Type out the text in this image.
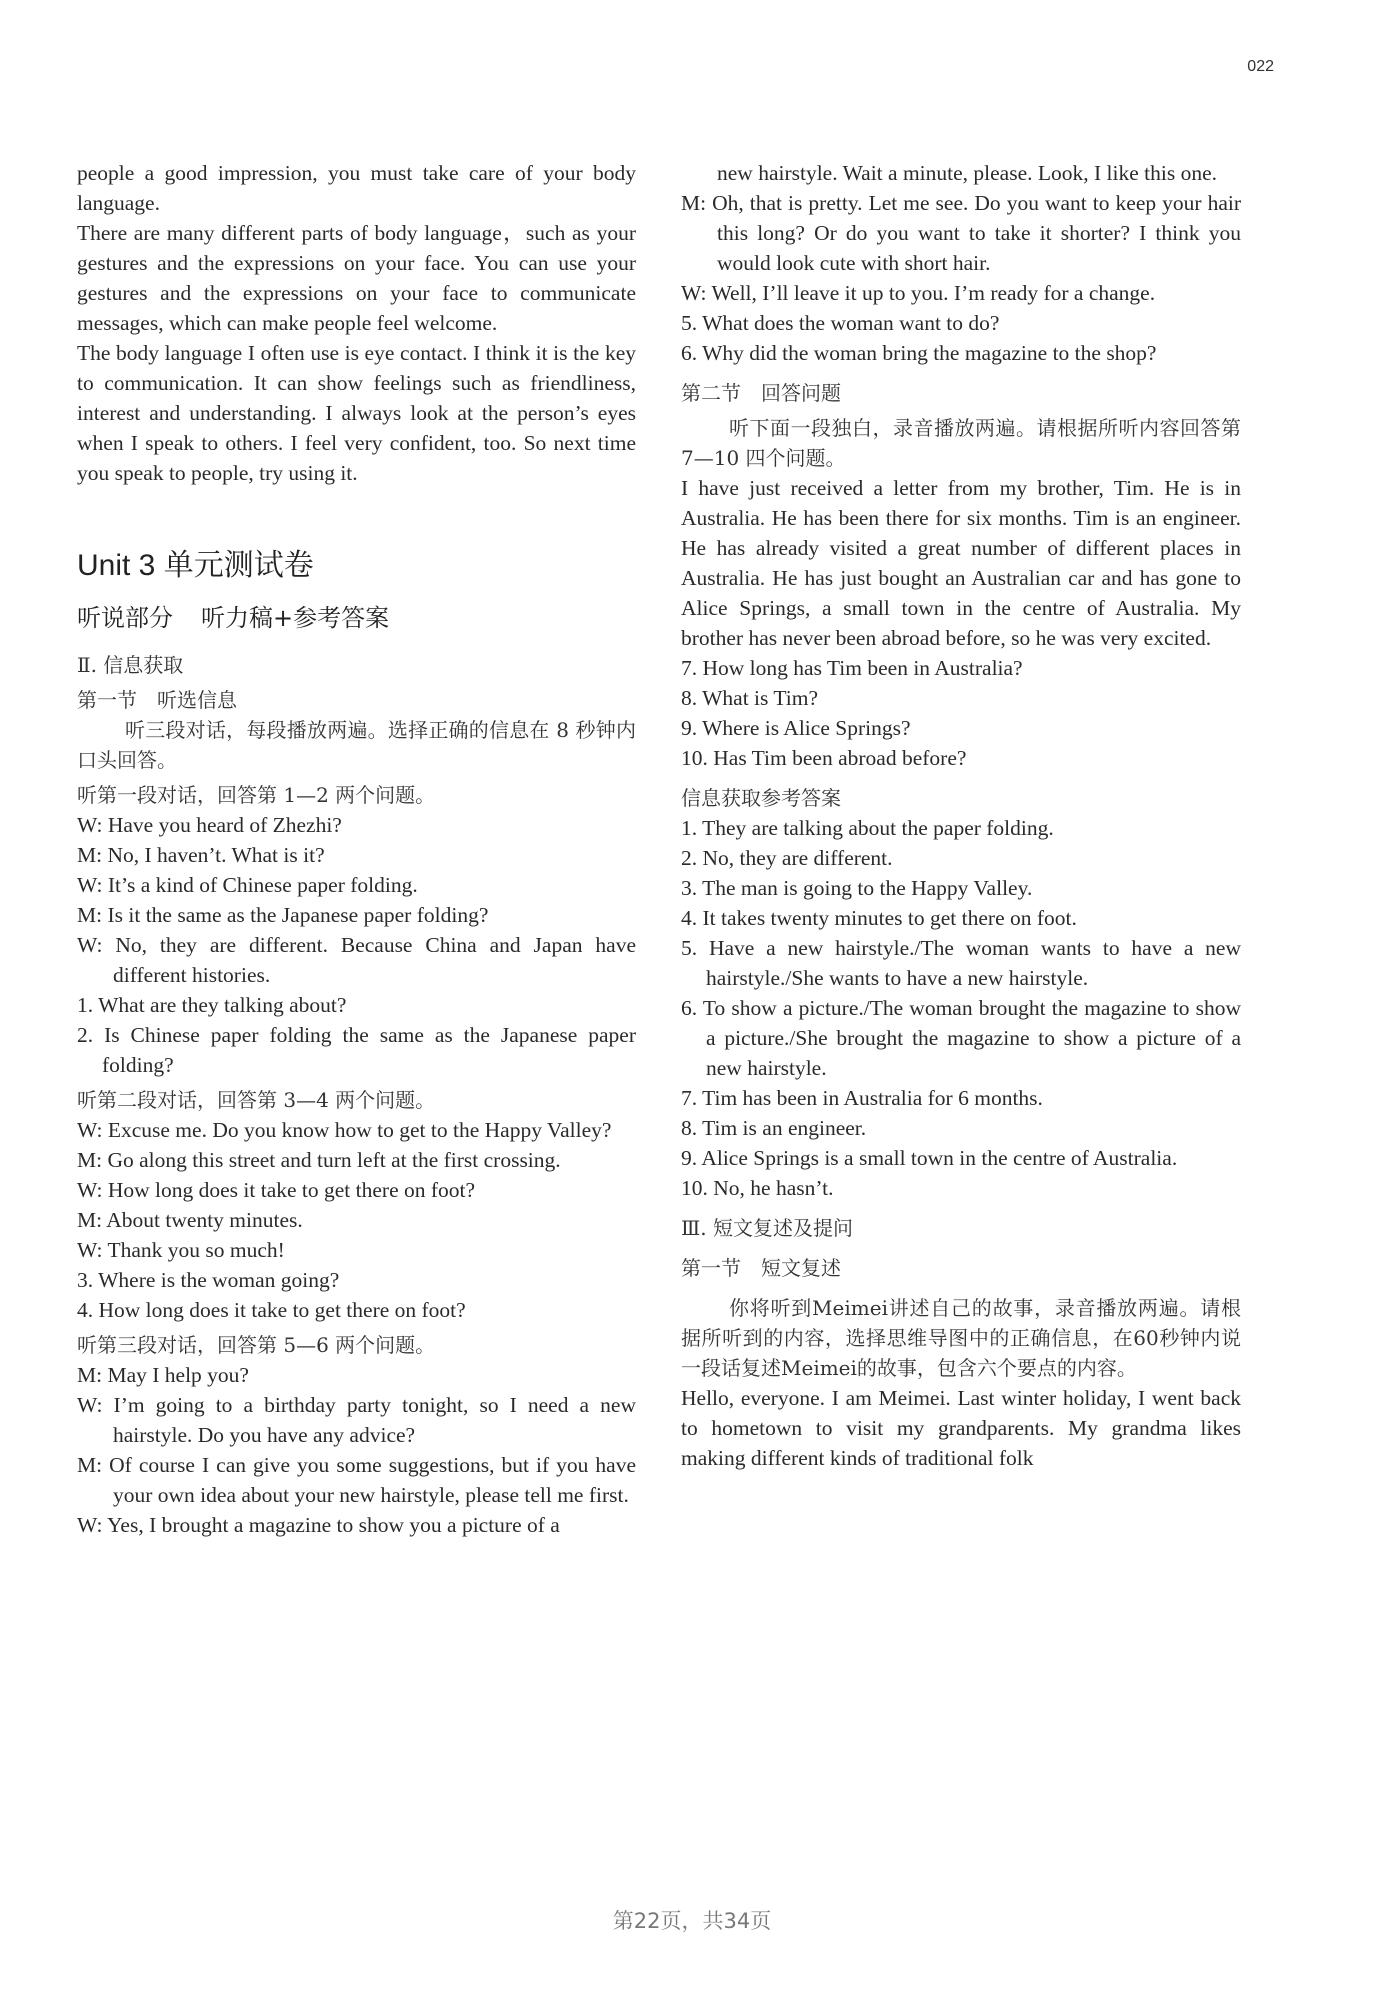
022

people a good impression, you must take care of your body language.

There are many different parts of body language，such as your gestures and the expressions on your face. You can use your gestures and the expressions on your face to communicate messages, which can make people feel welcome.

The body language I often use is eye contact. I think it is the key to communication. It can show feelings such as friendliness, interest and understanding. I always look at the person’s eyes when I speak to others. I feel very confident, too. So next time you speak to people, try using it.

Unit 3 单元测试卷

听说部分 听力稿+参考答案

Ⅱ. 信息获取

第一节　听选信息

听三段对话，每段播放两遍。选择正确的信息在 8 秒钟内口头回答。

听第一段对话，回答第 1—2 两个问题。

W: Have you heard of Zhezhi?

M: No, I haven’t. What is it?

W: It’s a kind of Chinese paper folding.

M: Is it the same as the Japanese paper folding?

W: No, they are different. Because China and Japan have different histories.

1. What are they talking about?

2. Is Chinese paper folding the same as the Japanese paper folding?

听第二段对话，回答第 3—4 两个问题。

W: Excuse me. Do you know how to get to the Happy Valley?

M: Go along this street and turn left at the first crossing.

W: How long does it take to get there on foot?

M: About twenty minutes.

W: Thank you so much!

3. Where is the woman going?

4. How long does it take to get there on foot?

听第三段对话，回答第 5—6 两个问题。

M: May I help you?

W: I’m going to a birthday party tonight, so I need a new hairstyle. Do you have any advice?

M: Of course I can give you some suggestions, but if you have your own idea about your new hairstyle, please tell me first.

W: Yes, I brought a magazine to show you a picture of a

new hairstyle. Wait a minute, please. Look, I like this one.

M: Oh, that is pretty. Let me see. Do you want to keep your hair this long? Or do you want to take it shorter? I think you would look cute with short hair.

W: Well, I’ll leave it up to you. I’m ready for a change.

5. What does the woman want to do?

6. Why did the woman bring the magazine to the shop?

第二节　回答问题

听下面一段独白，录音播放两遍。请根据所听内容回答第 7—10 四个问题。

I have just received a letter from my brother, Tim. He is in Australia. He has been there for six months. Tim is an engineer. He has already visited a great number of different places in Australia. He has just bought an Australian car and has gone to Alice Springs, a small town in the centre of Australia. My brother has never been abroad before, so he was very excited.

7. How long has Tim been in Australia?

8. What is Tim?

9. Where is Alice Springs?

10. Has Tim been abroad before?

信息获取参考答案

1. They are talking about the paper folding.

2. No, they are different.

3. The man is going to the Happy Valley.

4. It takes twenty minutes to get there on foot.

5. Have a new hairstyle./The woman wants to have a new hairstyle./She wants to have a new hairstyle.

6. To show a picture./The woman brought the magazine to show a picture./She brought the magazine to show a picture of a new hairstyle.

7. Tim has been in Australia for 6 months.

8. Tim is an engineer.

9. Alice Springs is a small town in the centre of Australia.

10. No, he hasn’t.

Ⅲ. 短文复述及提问

第一节　短文复述

你将听到Meimei讲述自己的故事，录音播放两遍。请根据所听到的内容，选择思维导图中的正确信息，在60秒钟内说一段话复述Meimei的故事，包含六个要点的内容。

Hello, everyone. I am Meimei. Last winter holiday, I went back to hometown to visit my grandparents. My grandma likes making different kinds of traditional folk

第22页，共34页
